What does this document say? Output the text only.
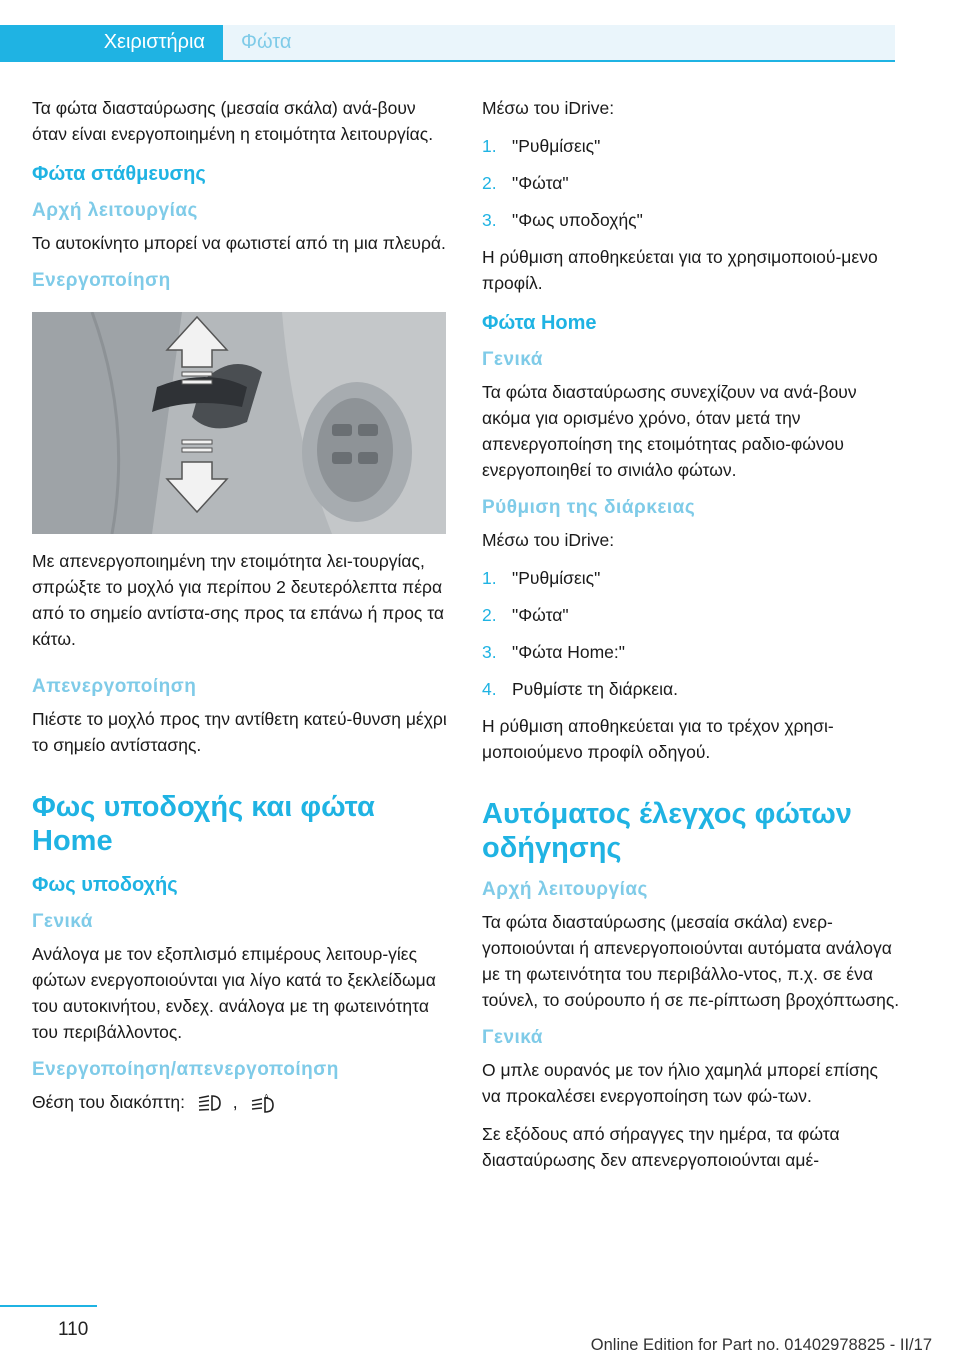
Χειριστήρια	Φώτα

Τα φώτα διασταύρωσης (μεσαία σκάλα) ανά-βουν όταν είναι ενεργοποιημένη η ετοιμότητα λειτουργίας.

Φώτα στάθμευσης
Αρχή λειτουργίας

Το αυτοκίνητο μπορεί να φωτιστεί από τη μια πλευρά.

Ενεργοποίηση

Με απενεργοποιημένη την ετοιμότητα λει-τουργίας, σπρώξτε το μοχλό για περίπου 2 δευτερόλεπτα πέρα από το σημείο αντίστα-σης προς τα επάνω ή προς τα κάτω.

Απενεργοποίηση

Πιέστε το μοχλό προς την αντίθετη κατεύ-θυνση μέχρι το σημείο αντίστασης.

Φως υποδοχής και φώτα Home
Φως υποδοχής
Γενικά

Ανάλογα με τον εξοπλισμό επιμέρους λειτουρ-γίες φώτων ενεργοποιούνται για λίγο κατά το ξεκλείδωμα του αυτοκινήτου, ενδεχ. ανάλογα με τη φωτεινότητα του περιβάλλοντος.

Ενεργοποίηση/απενεργοποίηση

Θέση του διακόπτη:	,	A

Μέσω του iDrive:

1. "Ρυθμίσεις"
2. "Φώτα"
3. "Φως υποδοχής"

Η ρύθμιση αποθηκεύεται για το χρησιμοποιού-μενο προφίλ.

Φώτα Home
Γενικά

Τα φώτα διασταύρωσης συνεχίζουν να ανά-βουν ακόμα για ορισμένο χρόνο, όταν μετά την απενεργοποίηση της ετοιμότητας ραδιο-φώνου ενεργοποιηθεί το σινιάλο φώτων.

Ρύθμιση της διάρκειας

Μέσω του iDrive:

1. "Ρυθμίσεις"
2. "Φώτα"
3. "Φώτα Home:"
4. Ρυθμίστε τη διάρκεια.

Η ρύθμιση αποθηκεύεται για το τρέχον χρησι-μοποιούμενο προφίλ οδηγού.

Αυτόματος έλεγχος φώτων οδήγησης
Αρχή λειτουργίας

Τα φώτα διασταύρωσης (μεσαία σκάλα) ενερ-γοποιούνται ή απενεργοποιούνται αυτόματα ανάλογα με τη φωτεινότητα του περιβάλλο-ντος, π.χ. σε ένα τούνελ, το σούρουπο ή σε πε-ρίπτωση βροχόπτωσης.

Γενικά

Ο μπλε ουρανός με τον ήλιο χαμηλά μπορεί επίσης να προκαλέσει ενεργοποίηση των φώ-των.

Σε εξόδους από σήραγγες την ημέρα, τα φώτα διασταύρωσης δεν απενεργοποιούνται αμέ-

110
Online Edition for Part no. 01402978825 - II/17
